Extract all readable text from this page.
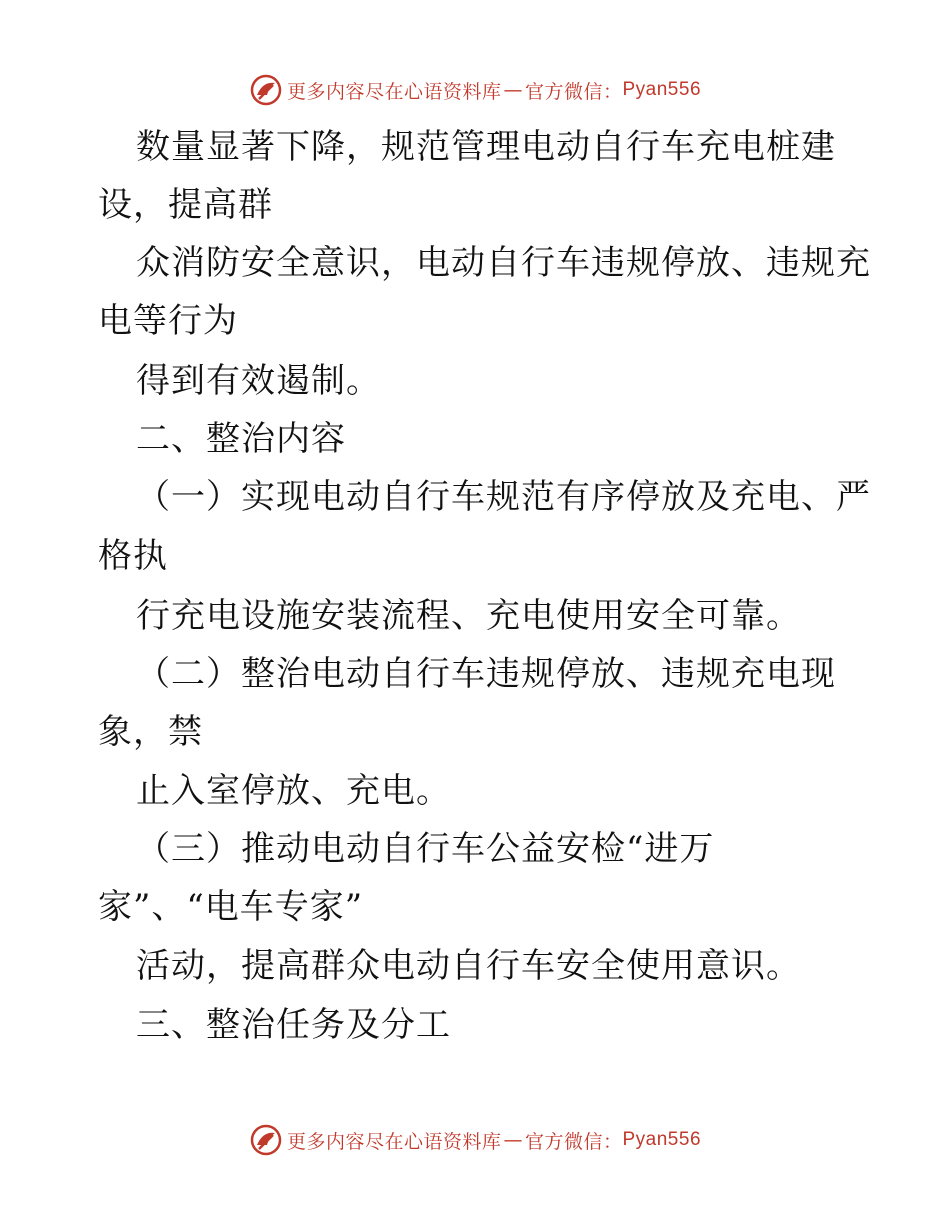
更多内容尽在心语资料库 — 官方微信： Pyan556
数量显著下降，规范管理电动自行车充电桩建
设，提高群
众消防安全意识，电动自行车违规停放、违规充
电等行为
得到有效遏制。
二、整治内容
（一）实现电动自行车规范有序停放及充电、严
格执
行充电设施安装流程、充电使用安全可靠。
（二）整治电动自行车违规停放、违规充电现
象，禁
止入室停放、充电。
（三）推动电动自行车公益安检“进万
家”、“电车专家”
活动，提高群众电动自行车安全使用意识。
三、整治任务及分工
更多内容尽在心语资料库 — 官方微信： Pyan556
